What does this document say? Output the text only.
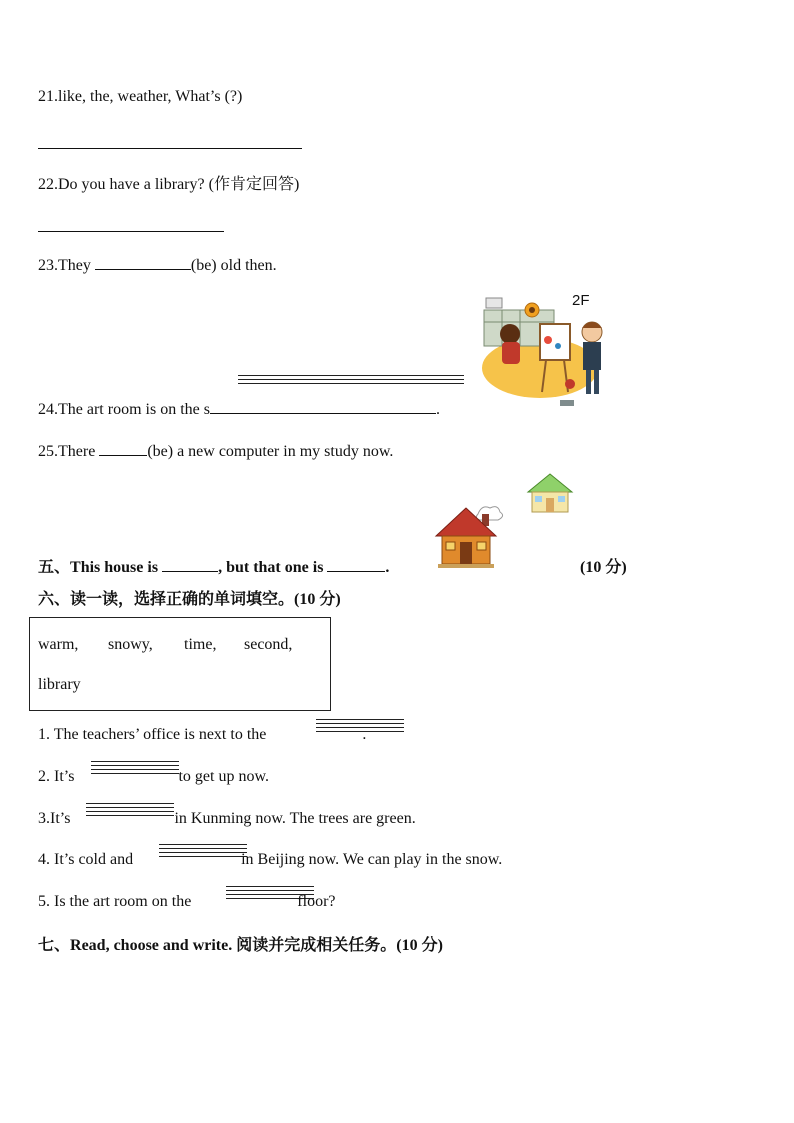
21.like, the, weather, What’s (?)
22.Do you have a library? (作肯定回答)
23.They	(be) old then.
2F
24.The art room is on the s	.
25.There	(be) a new computer in my study now.
五、This house is	, but that one is	.	(10 分)
六、读一读，选择正确的单词填空。(10 分)
warm, snowy, time, second,
library
1. The teachers’ office is next to the	.
2. It’s	to get up now.
3.It’s	in Kunming now. The trees are green.
4. It’s cold and	in Beijing now. We can play in the snow.
5. Is the art room on the	floor?
七、Read, choose and write. 阅读并完成相关任务。(10 分)
